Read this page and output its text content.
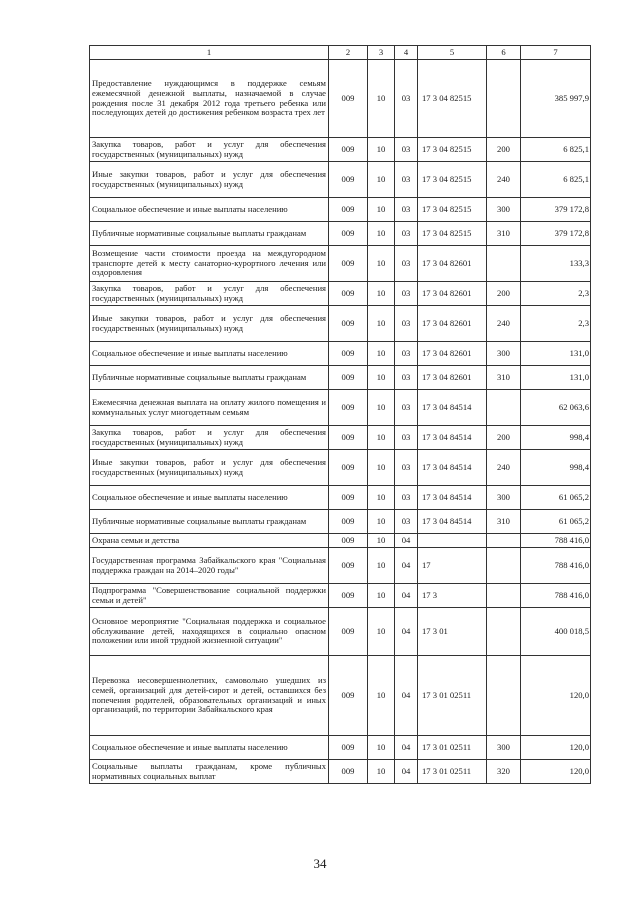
1	2	3	4	5	6	7
Предоставление нуждающимся в поддержке семьям ежемесячной денежной выплаты, назначаемой в случае рождения после 31 декабря 2012 года третьего ребенка или последующих детей до достижения ребенком возраста трех лет	009	10	03	17 3 04 82515		385 997,9
Закупка товаров, работ и услуг для обеспечения государственных (муниципальных) нужд	009	10	03	17 3 04 82515	200	6 825,1
Иные закупки товаров, работ и услуг для обеспечения государственных (муниципальных) нужд	009	10	03	17 3 04 82515	240	6 825,1
Социальное обеспечение и иные выплаты населению	009	10	03	17 3 04 82515	300	379 172,8
Публичные нормативные социальные выплаты гражданам	009	10	03	17 3 04 82515	310	379 172,8
Возмещение части стоимости проезда на междугородном транспорте детей к месту санаторно-курортного лечения или оздоровления	009	10	03	17 3 04 82601		133,3
Закупка товаров, работ и услуг для обеспечения государственных (муниципальных) нужд	009	10	03	17 3 04 82601	200	2,3
Иные закупки товаров, работ и услуг для обеспечения государственных (муниципальных) нужд	009	10	03	17 3 04 82601	240	2,3
Социальное обеспечение и иные выплаты населению	009	10	03	17 3 04 82601	300	131,0
Публичные нормативные социальные выплаты гражданам	009	10	03	17 3 04 82601	310	131,0
Ежемесячна денежная выплата на оплату жилого помещения и коммунальных услуг многодетным семьям	009	10	03	17 3 04 84514		62 063,6
Закупка товаров, работ и услуг для обеспечения государственных (муниципальных) нужд	009	10	03	17 3 04 84514	200	998,4
Иные закупки товаров, работ и услуг для обеспечения государственных (муниципальных) нужд	009	10	03	17 3 04 84514	240	998,4
Социальное обеспечение и иные выплаты населению	009	10	03	17 3 04 84514	300	61 065,2
Публичные нормативные социальные выплаты гражданам	009	10	03	17 3 04 84514	310	61 065,2
Охрана семьи и детства	009	10	04			788 416,0
Государственная программа Забайкальского края "Социальная поддержка граждан на 2014–2020 годы"	009	10	04	17		788 416,0
Подпрограмма "Совершенствование социальной поддержки семьи и детей"	009	10	04	17 3		788 416,0
Основное мероприятие "Социальная поддержка и социальное обслуживание детей, находящихся в социально опасном положении или иной трудной жизненной ситуации"	009	10	04	17 3 01		400 018,5
Перевозка несовершеннолетних, самовольно ушедших из семей, организаций для детей-сирот и детей, оставшихся без попечения родителей, образовательных организаций и иных организаций, по территории Забайкальского края	009	10	04	17 3 01 02511		120,0
Социальное обеспечение и иные выплаты населению	009	10	04	17 3 01 02511	300	120,0
Социальные выплаты гражданам, кроме публичных нормативных социальных выплат	009	10	04	17 3 01 02511	320	120,0
34
